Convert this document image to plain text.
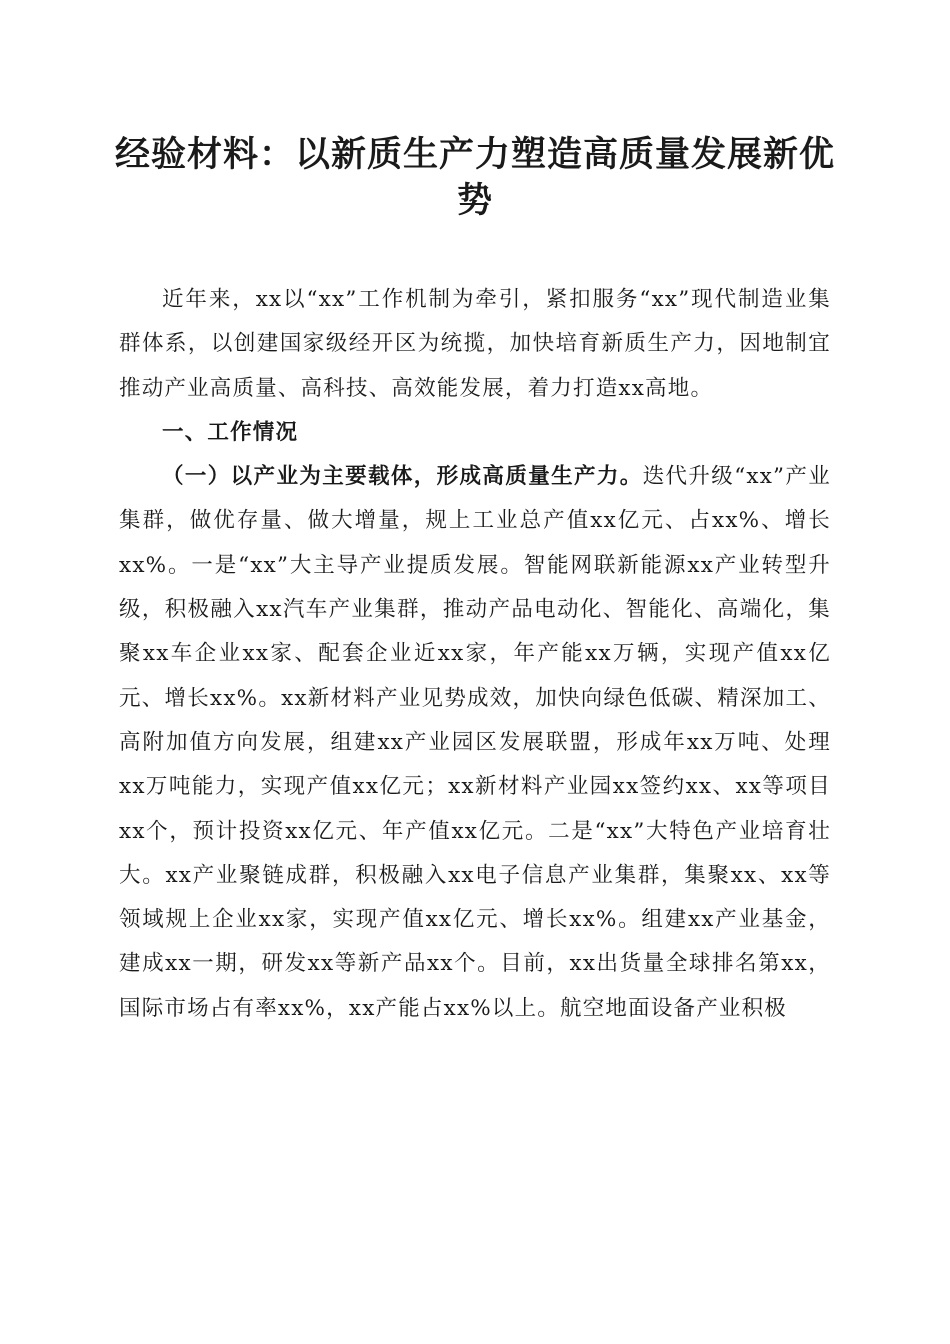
经验材料：以新质生产力塑造高质量发展新优势

近年来，xx以“xx”工作机制为牵引，紧扣服务“xx”现代制造业集群体系，以创建国家级经开区为统揽，加快培育新质生产力，因地制宜推动产业高质量、高科技、高效能发展，着力打造xx高地。

一、工作情况

（一）以产业为主要载体，形成高质量生产力。迭代升级“xx”产业集群，做优存量、做大增量，规上工业总产值xx亿元、占xx%、增长xx%。一是“xx”大主导产业提质发展。智能网联新能源xx产业转型升级，积极融入xx汽车产业集群，推动产品电动化、智能化、高端化，集聚xx车企业xx家、配套企业近xx家，年产能xx万辆，实现产值xx亿元、增长xx%。xx新材料产业见势成效，加快向绿色低碳、精深加工、高附加值方向发展，组建xx产业园区发展联盟，形成年xx万吨、处理xx万吨能力，实现产值xx亿元；xx新材料产业园xx签约xx、xx等项目xx个，预计投资xx亿元、年产值xx亿元。二是“xx”大特色产业培育壮大。xx产业聚链成群，积极融入xx电子信息产业集群，集聚xx、xx等领域规上企业xx家，实现产值xx亿元、增长xx%。组建xx产业基金，建成xx一期，研发xx等新产品xx个。目前，xx出货量全球排名第xx，国际市场占有率xx%，xx产能占xx%以上。航空地面设备产业积极
